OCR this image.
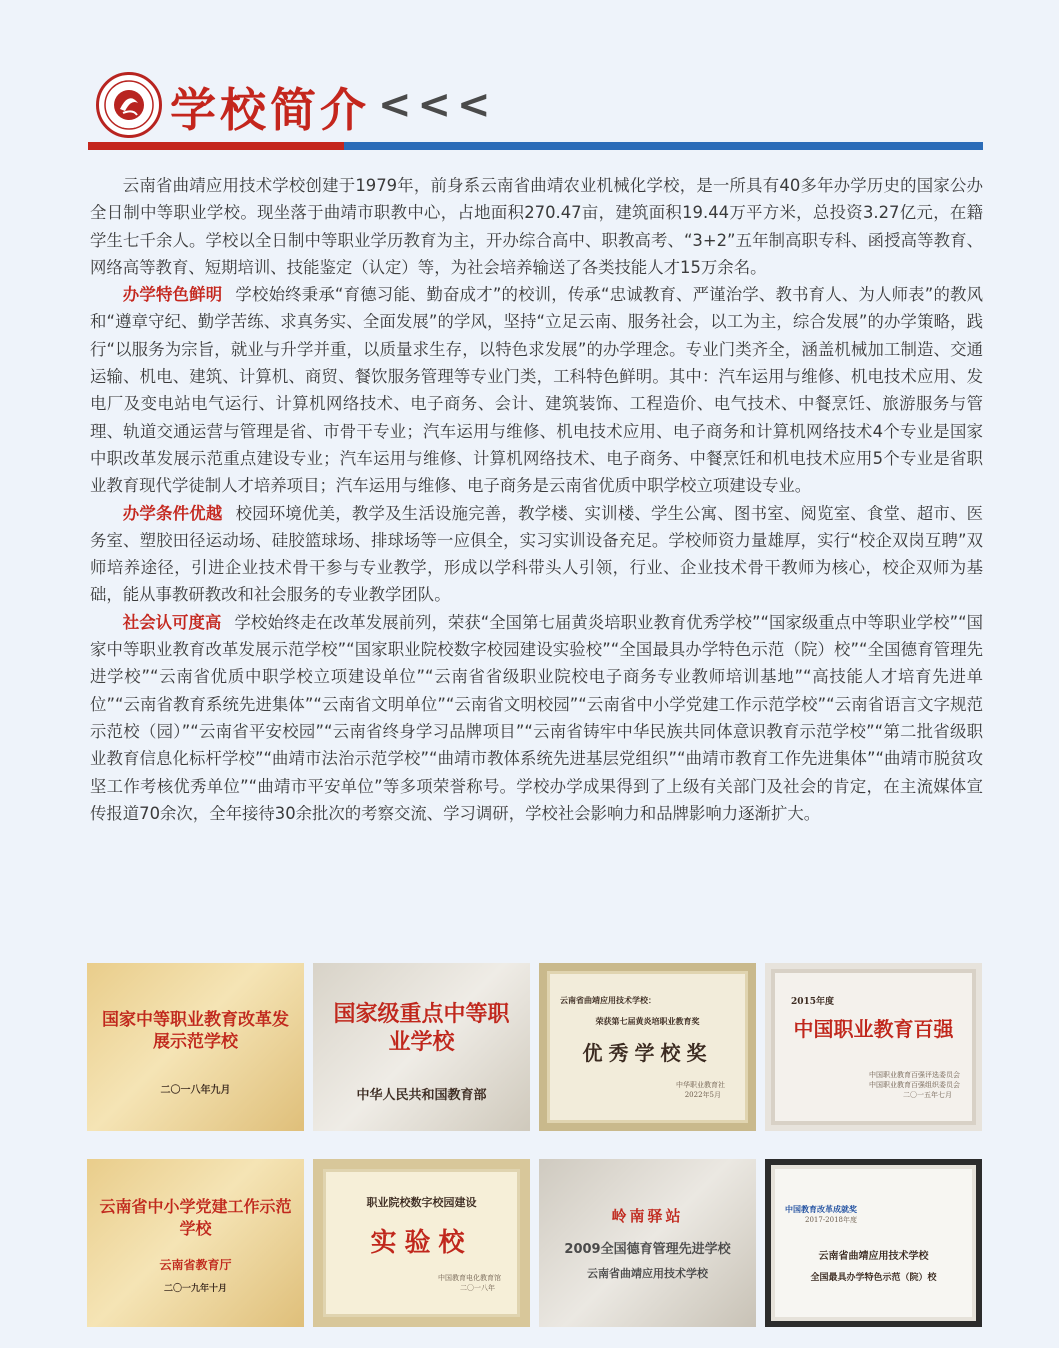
学校简介 <<<

云南省曲靖应用技术学校创建于1979年，前身系云南省曲靖农业机械化学校，是一所具有40多年办学历史的国家公办全日制中等职业学校。现坐落于曲靖市职教中心，占地面积270.47亩，建筑面积19.44万平方米，总投资3.27亿元，在籍学生七千余人。学校以全日制中等职业学历教育为主，开办综合高中、职教高考、“3+2”五年制高职专科、函授高等教育、网络高等教育、短期培训、技能鉴定（认定）等，为社会培养输送了各类技能人才15万余名。

办学特色鲜明 学校始终秉承“育德习能、勤奋成才”的校训，传承“忠诚教育、严谨治学、教书育人、为人师表”的教风和“遵章守纪、勤学苦练、求真务实、全面发展”的学风，坚持“立足云南、服务社会，以工为主，综合发展”的办学策略，践行“以服务为宗旨，就业与升学并重，以质量求生存，以特色求发展”的办学理念。专业门类齐全，涵盖机械加工制造、交通运输、机电、建筑、计算机、商贸、餐饮服务管理等专业门类，工科特色鲜明。其中：汽车运用与维修、机电技术应用、发电厂及变电站电气运行、计算机网络技术、电子商务、会计、建筑装饰、工程造价、电气技术、中餐烹饪、旅游服务与管理、轨道交通运营与管理是省、市骨干专业；汽车运用与维修、机电技术应用、电子商务和计算机网络技术4个专业是国家中职改革发展示范重点建设专业；汽车运用与维修、计算机网络技术、电子商务、中餐烹饪和机电技术应用5个专业是省职业教育现代学徒制人才培养项目；汽车运用与维修、电子商务是云南省优质中职学校立项建设专业。

办学条件优越 校园环境优美，教学及生活设施完善，教学楼、实训楼、学生公寓、图书室、阅览室、食堂、超市、医务室、塑胶田径运动场、硅胶篮球场、排球场等一应俱全，实习实训设备充足。学校师资力量雄厚，实行“校企双岗互聘”双师培养途径，引进企业技术骨干参与专业教学，形成以学科带头人引领，行业、企业技术骨干教师为核心，校企双师为基础，能从事教研教改和社会服务的专业教学团队。

社会认可度高 学校始终走在改革发展前列，荣获“全国第七届黄炎培职业教育优秀学校”“国家级重点中等职业学校”“国家中等职业教育改革发展示范学校”“国家职业院校数字校园建设实验校”“全国最具办学特色示范（院）校”“全国德育管理先进学校”“云南省优质中职学校立项建设单位”“云南省省级职业院校电子商务专业教师培训基地”“高技能人才培育先进单位”“云南省教育系统先进集体”“云南省文明单位”“云南省文明校园”“云南省中小学党建工作示范学校”“云南省语言文字规范示范校（园）”“云南省平安校园”“云南省终身学习品牌项目”“云南省铸牢中华民族共同体意识教育示范学校”“第二批省级职业教育信息化标杆学校”“曲靖市法治示范学校”“曲靖市教体系统先进基层党组织”“曲靖市教育工作先进集体”“曲靖市脱贫攻坚工作考核优秀单位”“曲靖市平安单位”等多项荣誉称号。学校办学成果得到了上级有关部门及社会的肯定，在主流媒体宣传报道70余次，全年接待30余批次的考察交流、学习调研，学校社会影响力和品牌影响力逐渐扩大。

国家中等职业教育改革发展示范学校
二〇一八年九月
国家级重点中等职业学校
中华人民共和国教育部
云南省曲靖应用技术学校：
荣获第七届黄炎培职业教育奖
优秀学校奖
中华职业教育社
2022年5月
2015年度
中国职业教育百强
中国职业教育百强评选委员会
中国职业教育百强组织委员会
二〇一五年七月
云南省中小学党建工作示范学校
云南省教育厅
二〇一九年十月
职业院校数字校园建设
实验校
中国教育电化教育馆
二〇一八年
岭南驿站
2009全国德育管理先进学校
云南省曲靖应用技术学校
中国教育改革成就奖
2017-2018年度
云南省曲靖应用技术学校
全国最具办学特色示范（院）校
